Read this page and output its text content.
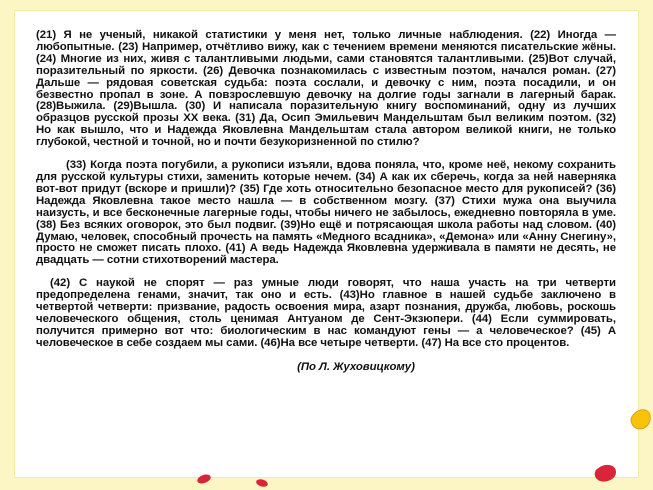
(21) Я не ученый, никакой статистики у меня нет, только личные наблюдения. (22) Иногда — любопытные. (23) Например, отчётливо вижу, как с течением времени меняются писательские жёны. (24) Многие из них, живя с талантливыми людьми, сами становятся талантливыми. (25)Вот случай, поразительный по яркости. (26) Девочка познакомилась с известным поэтом, начался роман. (27) Дальше — рядовая советская судьба: поэта сослали, и девочку с ним, поэта посадили, и он безвестно пропал в зоне. А повзрослевшую девочку на долгие годы загнали в лагерный барак. (28)Выжила. (29)Вышла. (30) И написала поразительную книгу воспоминаний, одну из лучших образцов русской прозы XX века. (31) Да, Осип Эмильевич Мандельштам был великим поэтом. (32) Но как вышло, что и Надежда Яковлевна Мандельштам стала автором великой книги, не только глубокой, честной и точной, но и почти безукоризненной по стилю?

(33) Когда поэта погубили, а рукописи изъяли, вдова поняла, что, кроме неё, некому сохранить для русской культуры стихи, заменить которые нечем. (34) А как их сберечь, когда за ней наверняка вот-вот придут (вскоре и пришли)? (35) Где хоть относительно безопасное место для рукописей? (36) Надежда Яковлевна такое место нашла — в собственном мозгу. (37) Стихи мужа она выучила наизусть, и все бесконечные лагерные годы, чтобы ничего не забылось, ежедневно повторяла в уме. (38) Без всяких оговорок, это был подвиг. (39)Но ещё и потрясающая школа работы над словом. (40) Думаю, человек, способный прочесть на память «Медного всадника», «Демона» или «Анну Снегину», просто не сможет писать плохо. (41) А ведь Надежда Яковлевна удерживала в памяти не десять, не двадцать — сотни стихотворений мастера.

(42) С наукой не спорят — раз умные люди говорят, что наша участь на три четверти предопределена генами, значит, так оно и есть. (43)Но главное в нашей судьбе заключено в четвертой четверти: призвание, радость освоения мира, азарт познания, дружба, любовь, роскошь человеческого общения, столь ценимая Антуаном де Сент-Экзюпери. (44) Если суммировать, получится примерно вот что: биологическим в нас командуют гены — а человеческое? (45) А человеческое в себе создаем мы сами. (46)На все четыре четверти. (47) На все сто процентов.

(По Л. Жуховицкому)
